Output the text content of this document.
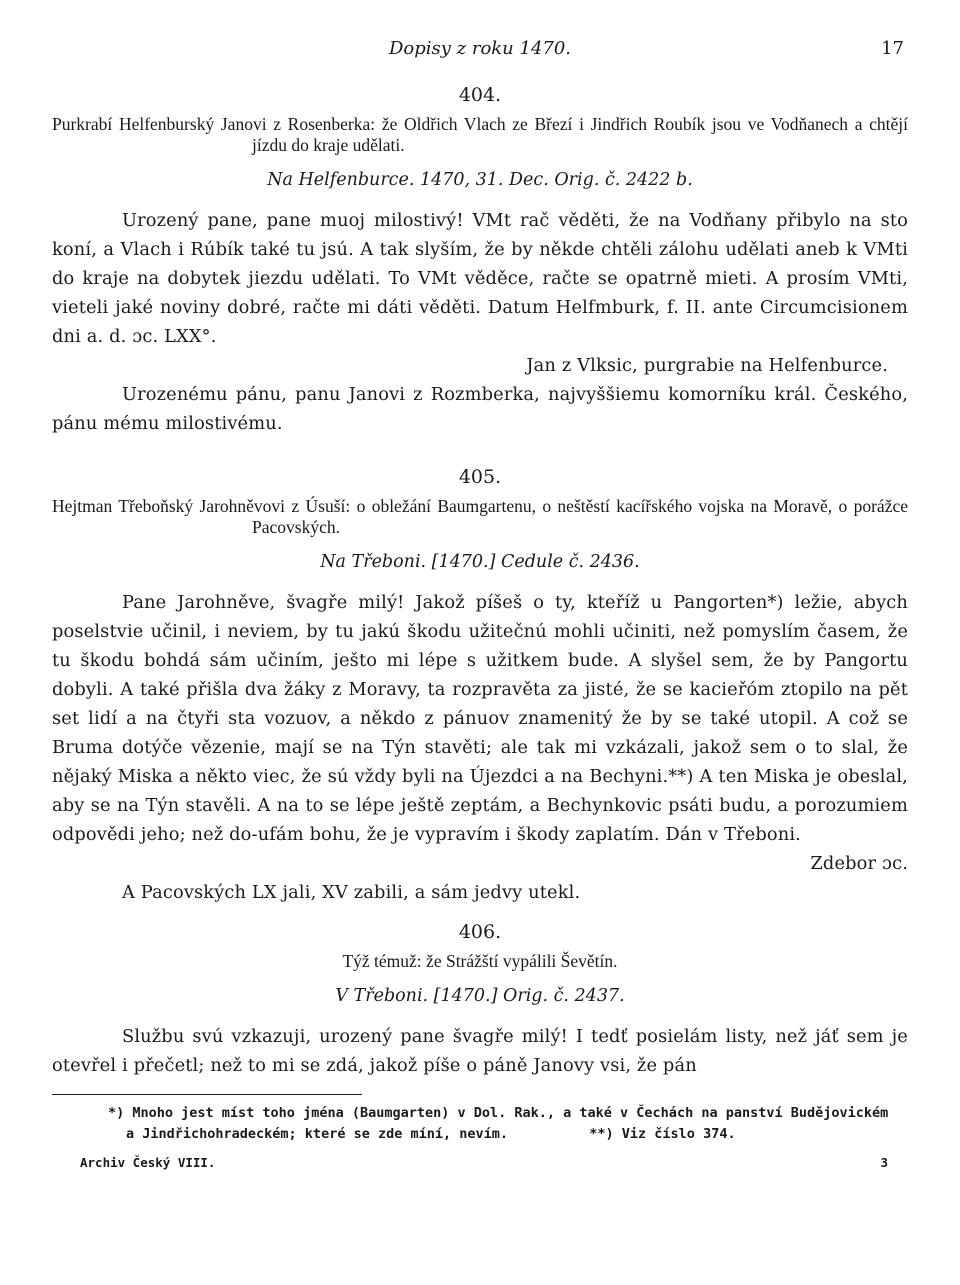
Dopisy z roku 1470.	17
404.
Purkrabí Helfenburský Janovi z Rosenberka: že Oldřich Vlach ze Březí i Jindřich Roubík jsou ve Vodňanech a chtějí jízdu do kraje udělati.
Na Helfenburce. 1470, 31. Dec. Orig. č. 2422 b.

Urozený pane, pane muoj milostivý! VMt rač věděti, že na Vodňany přibylo na sto koní, a Vlach i Rúbík také tu jsú. A tak slyším, že by někde chtěli zálohu udělati aneb k VMti do kraje na dobytek jiezdu udělati. To VMt věděce, račte se opatrně mieti. A prosím VMti, vieteli jaké noviny dobré, račte mi dáti věděti. Datum Helfmburk, f. II. ante Circumcisionem dni a. d. ɔc. LXX°.

Jan z Vlksic, purgrabie na Helfenburce.

Urozenému pánu, panu Janovi z Rozmberka, najvyššiemu komorníku král. Českého, pánu mému milostivému.

405.
Hejtman Třeboňský Jarohněvovi z Úsuší: o obležání Baumgartenu, o neštěstí kacířského vojska na Moravě, o porážce Pacovských.
Na Třeboni. [1470.] Cedule č. 2436.

Pane Jarohněve, švagře milý! Jakož píšeš o ty, kteříž u Pangorten*) ležie, abych poselstvie učinil, i neviem, by tu jakú škodu užitečnú mohli učiniti, než pomyslím časem, že tu škodu bohdá sám učiním, ješto mi lépe s užitkem bude. A slyšel sem, že by Pangortu dobyli. A také přišla dva žáky z Moravy, ta rozpravěta za jisté, že se kacieřóm ztopilo na pět set lidí a na čtyři sta vozuov, a někdo z pánuov znamenitý že by se také utopil. A což se Bruma dotýče vězenie, mají se na Týn stavěti; ale tak mi vzkázali, jakož sem o to slal, že nějaký Miska a někto viec, že sú vždy byli na Újezdci a na Bechyni.**) A ten Miska je obeslal, aby se na Týn stavěli. A na to se lépe ještě zeptám, a Bechynkovic psáti budu, a porozumiem odpovědi jeho; než do-ufám bohu, že je vypravím i škody zaplatím. Dán v Třeboni.

Zdebor ɔc.

A Pacovských LX jali, XV zabili, a sám jedvy utekl.

406.
Týž témuž: že Strážští vypálili Ševětín.
V Třeboni. [1470.] Orig. č. 2437.

Službu svú vzkazuji, urozený pane švagře milý! I tedť posielám listy, než jáť sem je otevřel i přečetl; než to mi se zdá, jakož píše o páně Janovy vsi, že pán

*) Mnoho jest míst toho jména (Baumgarten) v Dol. Rak., a také v Čechách na panství Budějovickém
a Jindřichohradeckém; které se zde míní, nevím.          **) Viz číslo 374.
Archiv Český VIII.	3
